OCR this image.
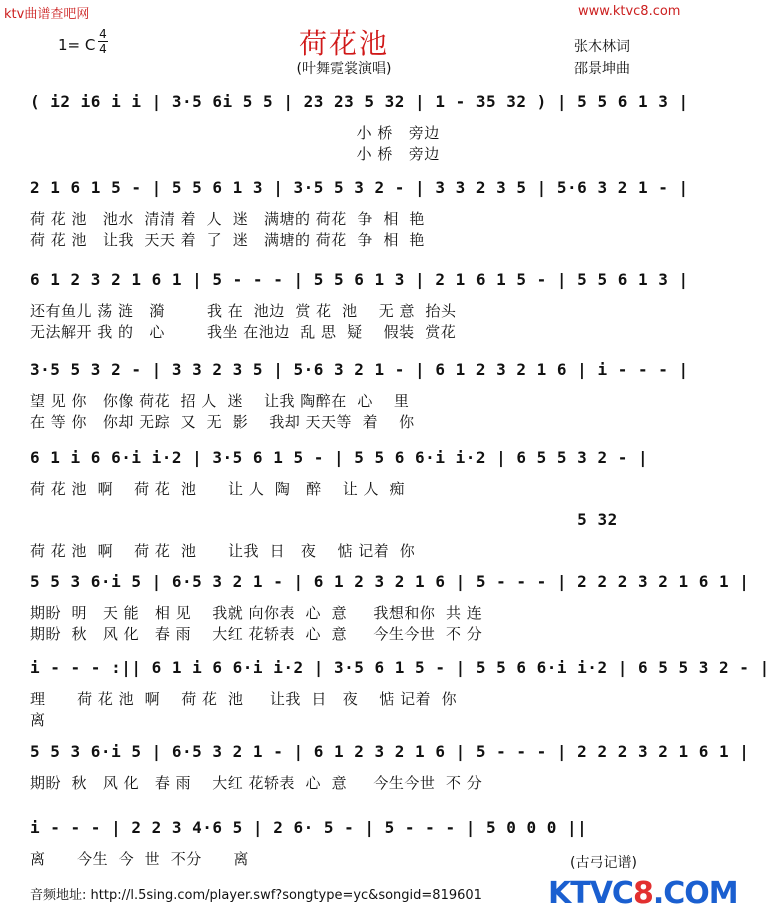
ktv曲谱查吧网	www.ktvc8.com
1= C
4
4	荷花池
(叶舞霓裳演唱)
张木林词
邵景坤曲
( i2 i6 i i | 3·5 6i 5 5 | 23 23 5 32 | 1 - 35 32 ) | 5 5 6 1 3 |
小 桥   旁边
小 桥   旁边
2 1 6 1 5 - | 5 5 6 1 3 | 3·5 5 3 2 - | 3 3 2 3 5 | 5·6 3 2 1 - |
荷 花 池   池水  清清 着  人  迷   满塘的 荷花  争  相  艳
荷 花 池   让我  天天 着  了  迷   满塘的 荷花  争  相  艳
6 1 2 3 2 1 6 1 | 5 - - - | 5 5 6 1 3 | 2 1 6 1 5 - | 5 5 6 1 3 |
还有鱼儿 荡 涟   漪        我 在  池边  赏 花  池    无 意  抬头
无法解开 我 的   心        我坐 在池边  乱 思  疑    假装  赏花
3·5 5 3 2 - | 3 3 2 3 5 | 5·6 3 2 1 - | 6 1 2 3 2 1 6 | i - - - |
望 见 你   你像 荷花  招 人  迷    让我 陶醉在  心    里
在 等 你   你却 无踪  又  无  影    我却 天天等  着    你
6 1 i 6 6·i i·2 | 3·5 6 1 5 - | 5 5 6 6·i i·2 | 6 5 5 3 2 - |
荷 花 池  啊    荷 花  池      让 人  陶   醉    让 人  痴
5 32
荷 花 池  啊    荷 花  池      让我  日   夜    惦 记着  你
5 5 3 6·i 5 | 6·5 3 2 1 - | 6 1 2 3 2 1 6 | 5 - - - | 2 2 2 3 2 1 6 1 |
期盼  明   天 能   相 见    我就 向你表  心  意     我想和你  共 连
期盼  秋   风 化   春 雨    大红 花轿表  心  意     今生今世  不 分
i - - - :|| 6 1 i 6 6·i i·2 | 3·5 6 1 5 - | 5 5 6 6·i i·2 | 6 5 5 3 2 - |
理      荷 花 池  啊    荷 花  池     让我  日   夜    惦 记着  你
离
5 5 3 6·i 5 | 6·5 3 2 1 - | 6 1 2 3 2 1 6 | 5 - - - | 2 2 2 3 2 1 6 1 |
期盼  秋   风 化   春 雨    大红 花轿表  心  意     今生今世  不 分
i - - - | 2 2 3 4·6 5 | 2 6· 5 - | 5 - - - | 5 0 0 0 ||
离      今生  今  世  不分      离	(古弓记谱)
音频地址: http://l.5sing.com/player.swf?songtype=yc&songid=819601 KTVC8.COM
